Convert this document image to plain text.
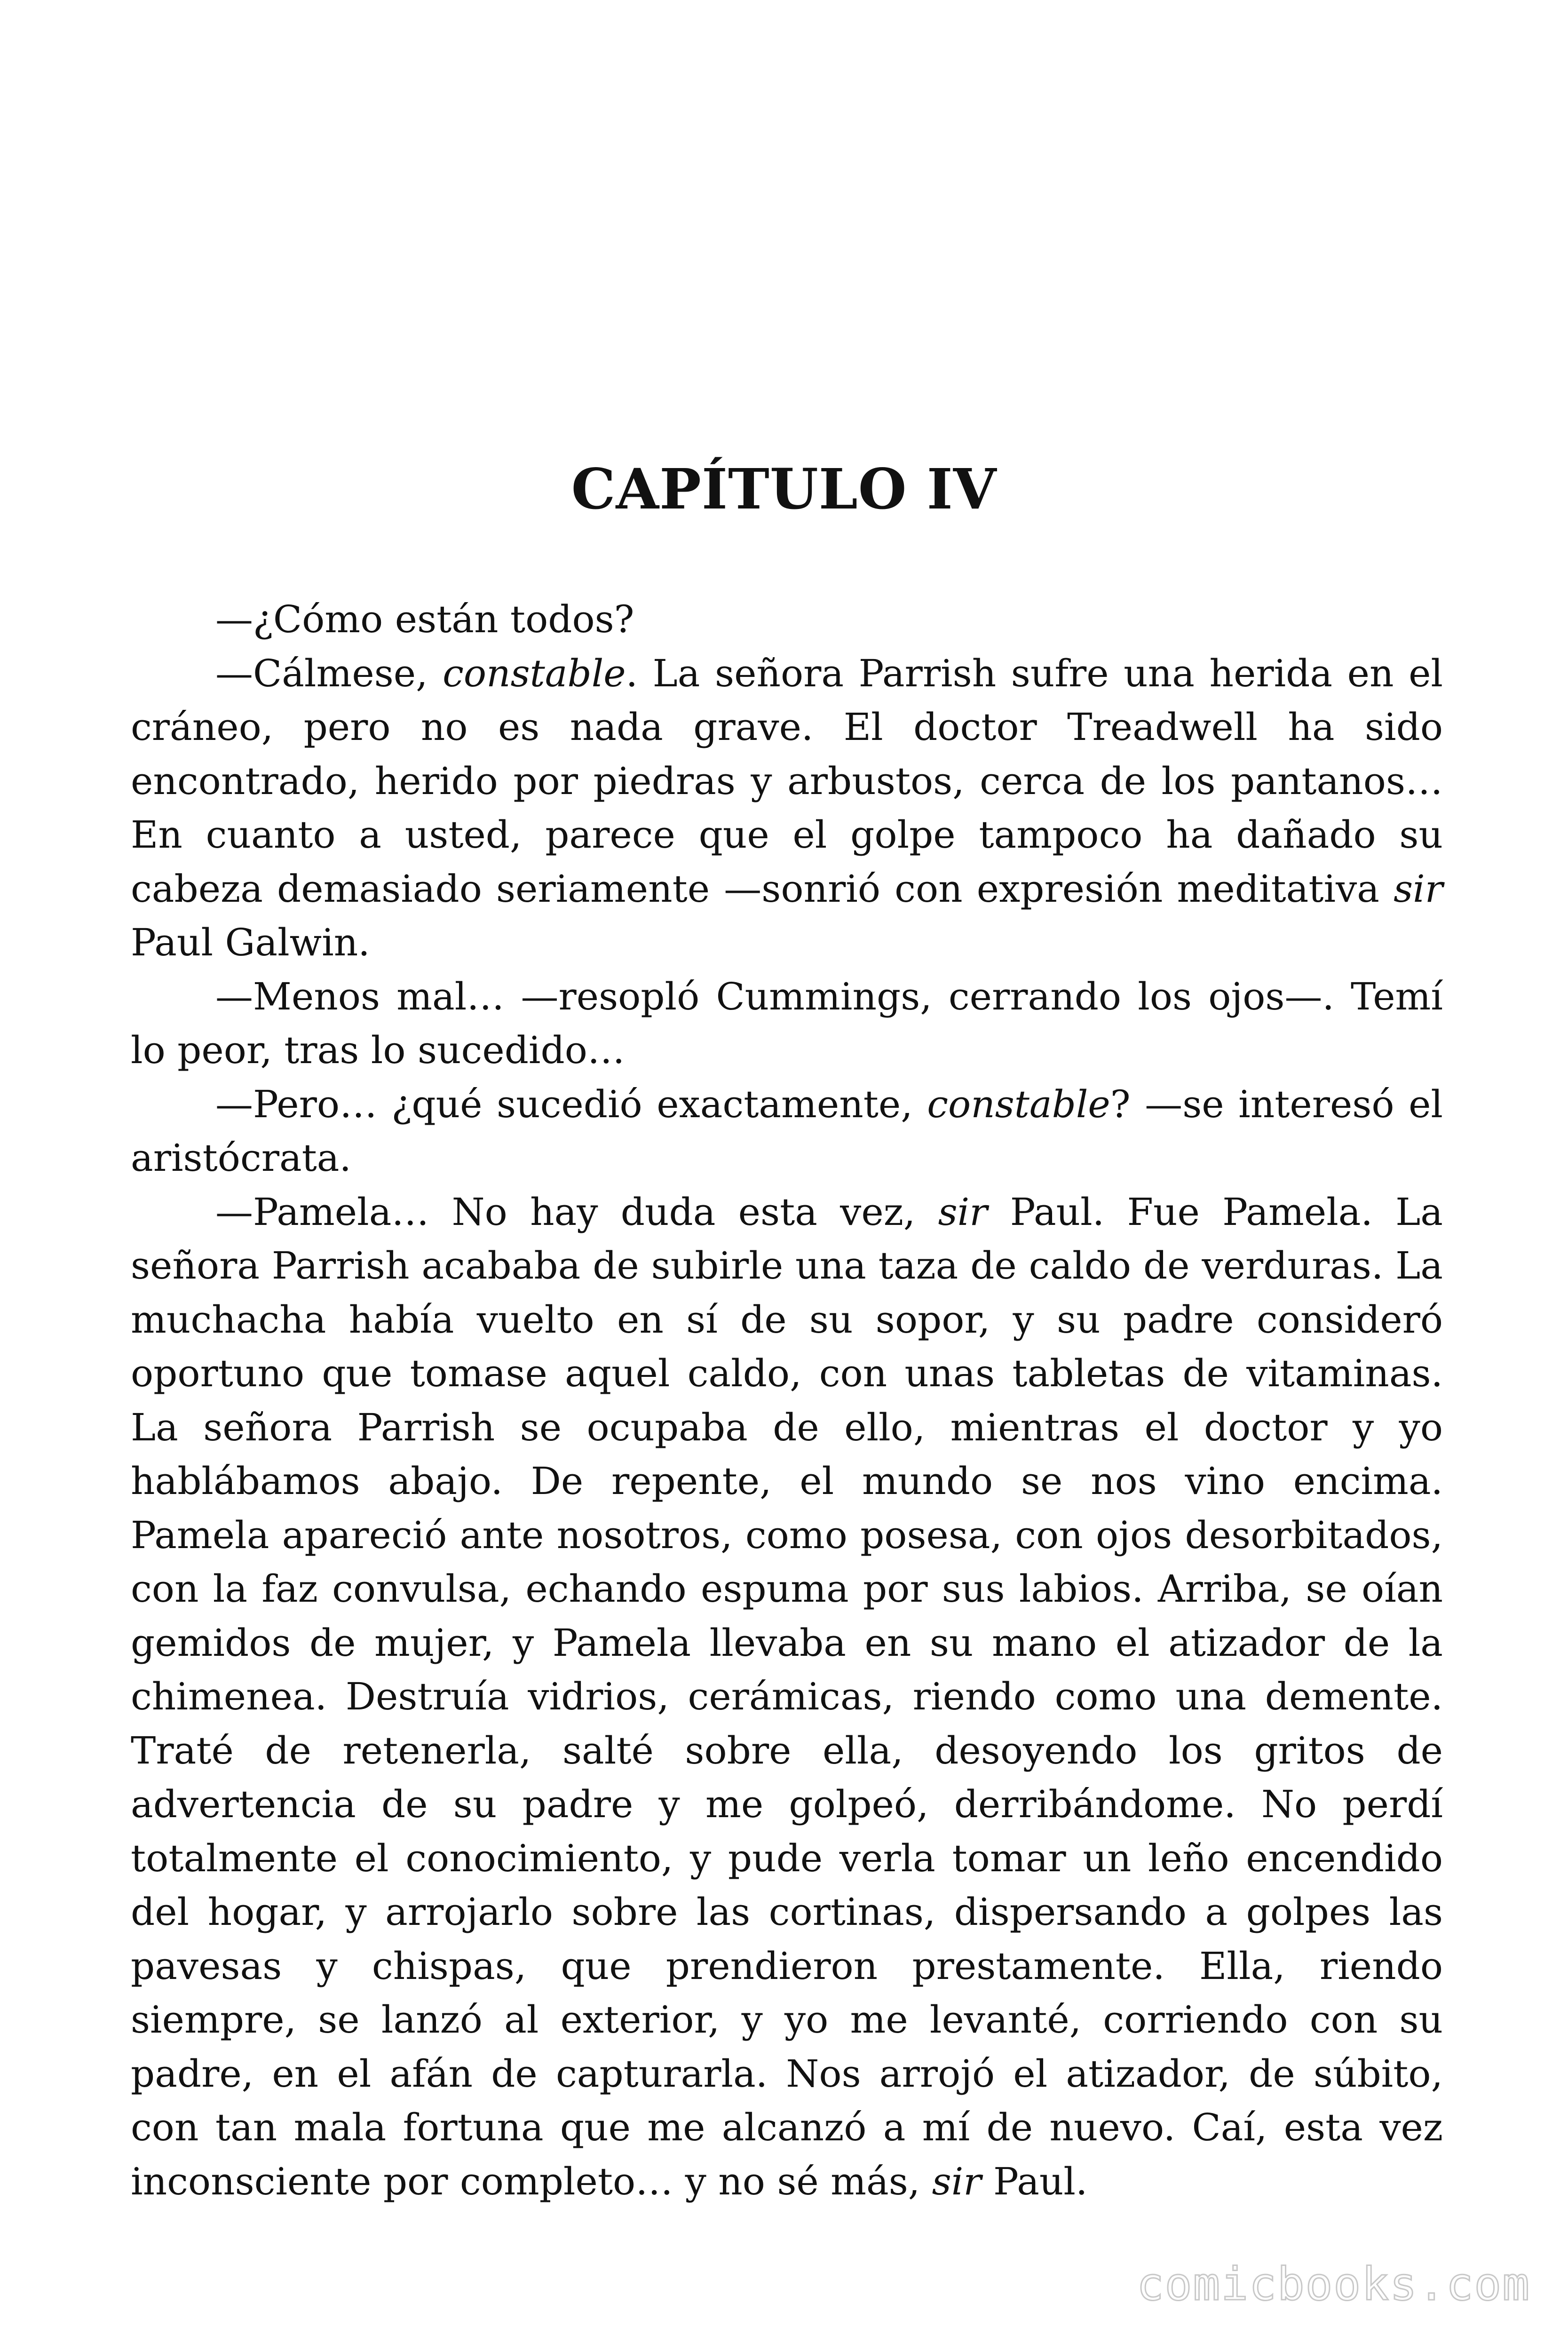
CAPÍTULO IV

—¿Cómo están todos?

—Cálmese, constable. La señora Parrish sufre una herida en el cráneo, pero no es nada grave. El doctor Treadwell ha sido encontrado, herido por piedras y arbustos, cerca de los pantanos… En cuanto a usted, parece que el golpe tampoco ha dañado su cabeza demasiado seriamente —sonrió con expresión meditativa sir Paul Galwin.

—Menos mal… —resopló Cummings, cerrando los ojos—. Temí lo peor, tras lo sucedido…

—Pero… ¿qué sucedió exactamente, constable? —se interesó el aristócrata.

—Pamela… No hay duda esta vez, sir Paul. Fue Pamela. La señora Parrish acababa de subirle una taza de caldo de verduras. La muchacha había vuelto en sí de su sopor, y su padre consideró oportuno que tomase aquel caldo, con unas tabletas de vitaminas. La señora Parrish se ocupaba de ello, mientras el doctor y yo hablábamos abajo. De repente, el mundo se nos vino encima. Pamela apareció ante nosotros, como posesa, con ojos desorbitados, con la faz convulsa, echando espuma por sus labios. Arriba, se oían gemidos de mujer, y Pamela llevaba en su mano el atizador de la chimenea. Destruía vidrios, cerámicas, riendo como una demente. Traté de retenerla, salté sobre ella, desoyendo los gritos de advertencia de su padre y me golpeó, derribándome. No perdí totalmente el conocimiento, y pude verla tomar un leño encendido del hogar, y arrojarlo sobre las cortinas, dispersando a golpes las pavesas y chispas, que prendieron prestamente. Ella, riendo siempre, se lanzó al exterior, y yo me levanté, corriendo con su padre, en el afán de capturarla. Nos arrojó el atizador, de súbito, con tan mala fortuna que me alcanzó a mí de nuevo. Caí, esta vez inconsciente por completo… y no sé más, sir Paul.

comicbooks.com
